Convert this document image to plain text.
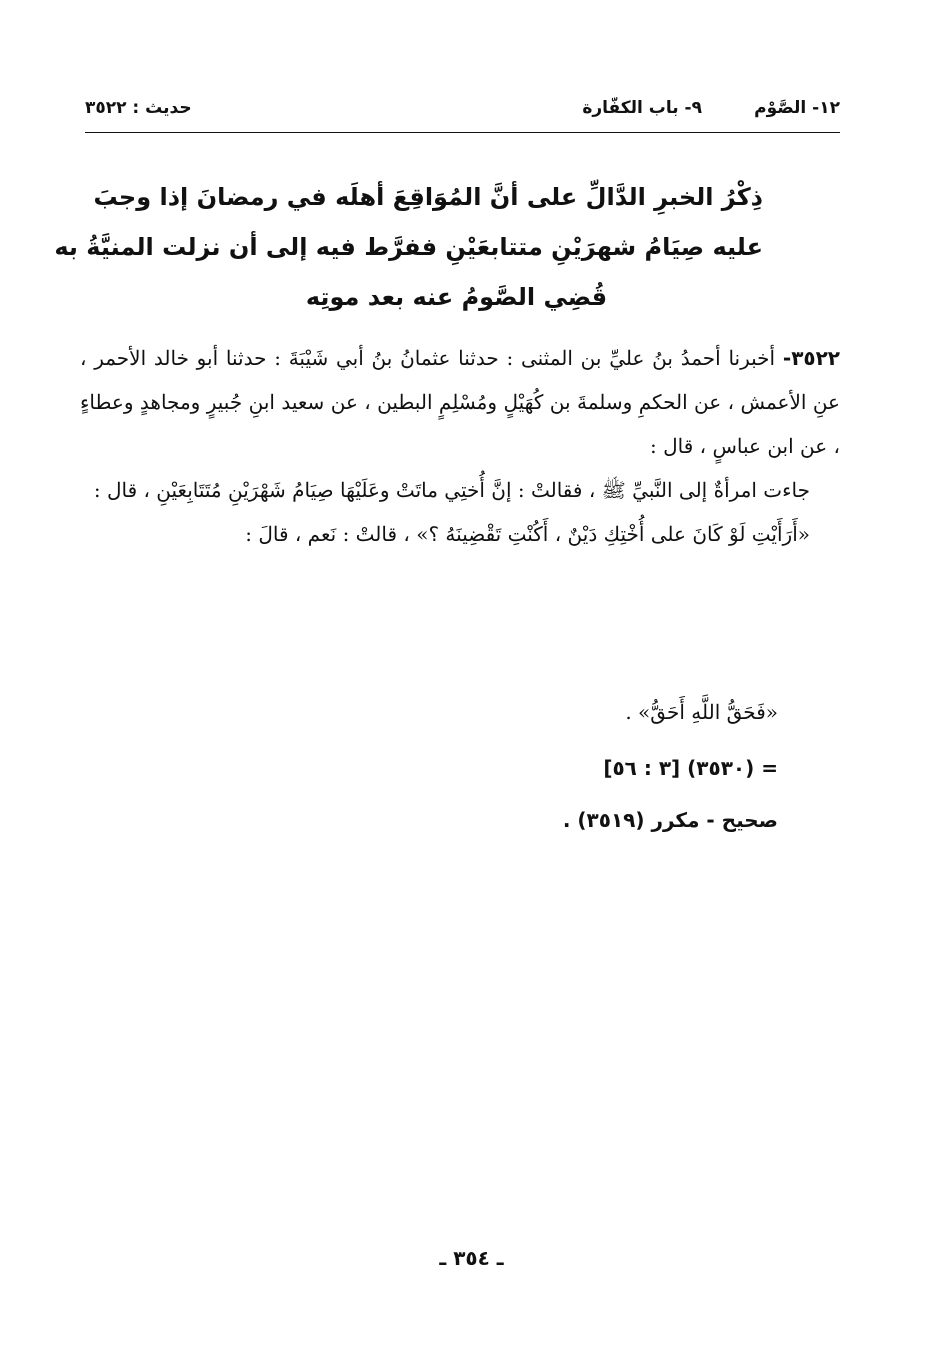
١٢- الصَّوْم
٩- باب الكفّارة
حديث : ٣٥٢٢
ذِكْرُ الخبرِ الدَّالِّ على أنَّ المُوَاقِعَ أهلَه في رمضانَ إذا وجبَ
عليه صِيَامُ شهرَيْنِ متتابعَيْنِ ففرَّط فيه إلى أن نزلت المنيَّةُ به
قُضِي الصَّومُ عنه بعد موتِه

٣٥٢٢- أخبرنا أحمدُ بنُ عليِّ بن المثنى : حدثنا عثمانُ بنُ أبي شَيْبَةَ : حدثنا أبو خالد الأحمر ، عنِ الأعمش ، عن الحكمِ وسلمةَ بن كُهَيْلٍ ومُسْلِمٍ البطين ، عن سعيد ابنِ جُبيرٍ ومجاهدٍ وعطاءٍ ، عن ابن عباسٍ ، قال :

جاءت امرأةٌ إلى النَّبيِّ ﷺ ، فقالتْ : إنَّ أُختِي ماتَتْ وعَلَيْهَا صِيَامُ شَهْرَيْنِ مُتَتَابِعَيْنِ ، قال :

«أَرَأَيْتِ لَوْ كَانَ على أُخْتِكِ دَيْنٌ ، أَكُنْتِ تَقْضِينَهُ ؟» ، قالتْ : نَعم ، قالَ :

«فَحَقُّ اللَّهِ أَحَقُّ» .
= (٣٥٣٠) [٣ : ٥٦]
صحيح - مكرر (٣٥١٩) .
ـ ٣٥٤ ـ
